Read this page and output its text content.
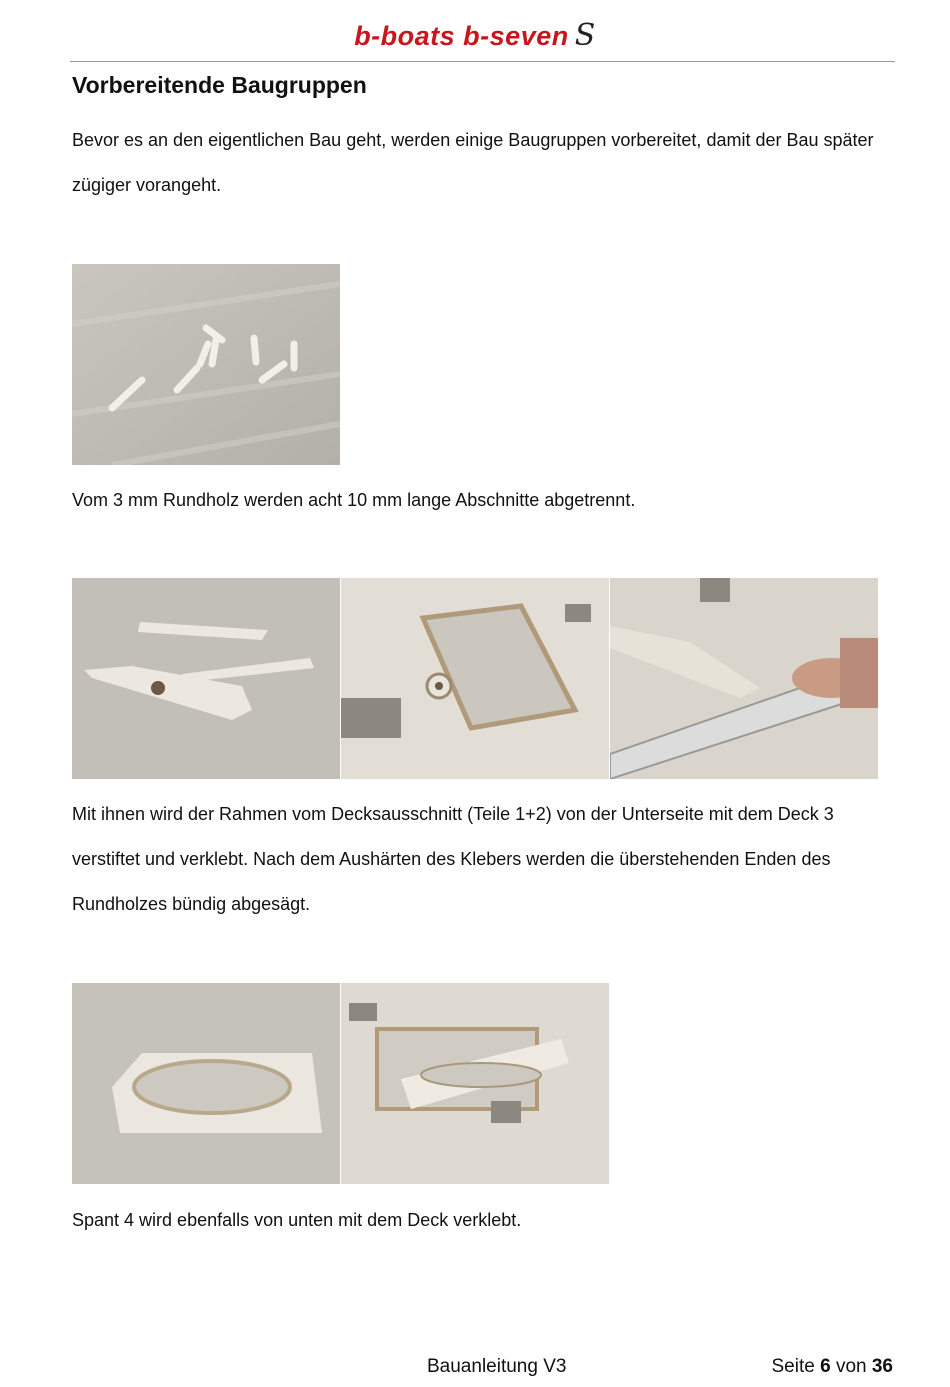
b-boats b-seven S
Vorbereitende Baugruppen

Bevor es an den eigentlichen Bau geht, werden einige Baugruppen vorbereitet, damit der Bau später zügiger vorangeht.

Vom 3 mm Rundholz werden acht 10 mm lange Abschnitte abgetrennt.

Mit ihnen wird der Rahmen vom Decksausschnitt (Teile 1+2) von der Unterseite mit dem Deck 3 verstiftet und verklebt. Nach dem Aushärten des Klebers werden die überstehenden Enden des Rundholzes bündig abgesägt.

Spant 4 wird ebenfalls von unten mit dem Deck verklebt.

Bauanleitung V3	Seite 6 von 36
